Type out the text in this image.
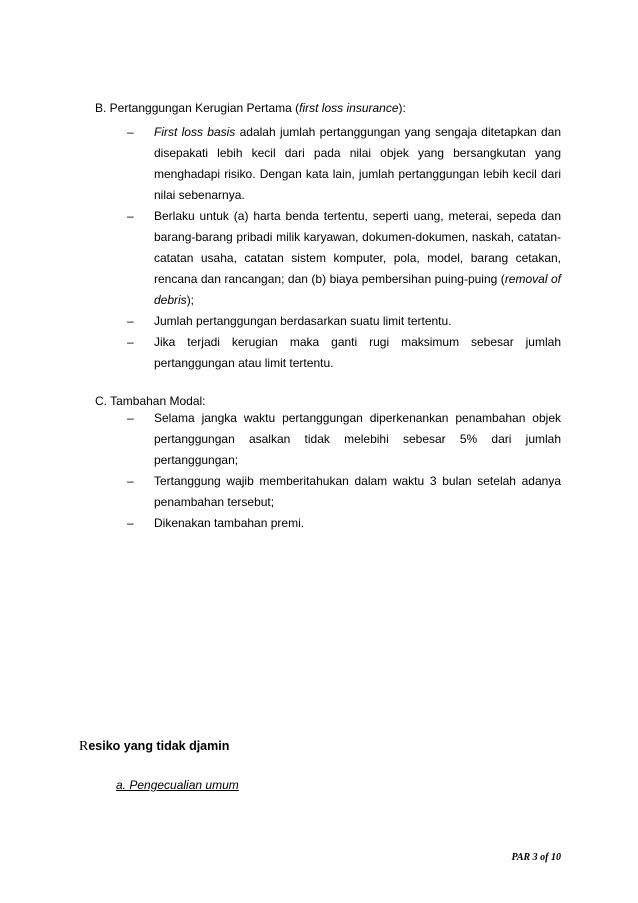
B. Pertanggungan Kerugian Pertama (first loss insurance):
– First loss basis adalah jumlah pertanggungan yang sengaja ditetapkan dan disepakati lebih kecil dari pada nilai objek yang bersangkutan yang menghadapi risiko. Dengan kata lain, jumlah pertanggungan lebih kecil dari nilai sebenarnya.
– Berlaku untuk (a) harta benda tertentu, seperti uang, meterai, sepeda dan barang-barang pribadi milik karyawan, dokumen-dokumen, naskah, catatan-catatan usaha, catatan sistem komputer, pola, model, barang cetakan, rencana dan rancangan; dan (b) biaya pembersihan puing-puing (removal of debris);
– Jumlah pertanggungan berdasarkan suatu limit tertentu.
– Jika terjadi kerugian maka ganti rugi maksimum sebesar jumlah pertanggungan atau limit tertentu.
C. Tambahan Modal:
– Selama jangka waktu pertanggungan diperkenankan penambahan objek pertanggungan asalkan tidak melebihi sebesar 5% dari jumlah pertanggungan;
– Tertanggung wajib memberitahukan dalam waktu 3 bulan setelah adanya penambahan tersebut;
– Dikenakan tambahan premi.
Resiko yang tidak djamin
a. Pengecualian umum
PAR 3 of 10
